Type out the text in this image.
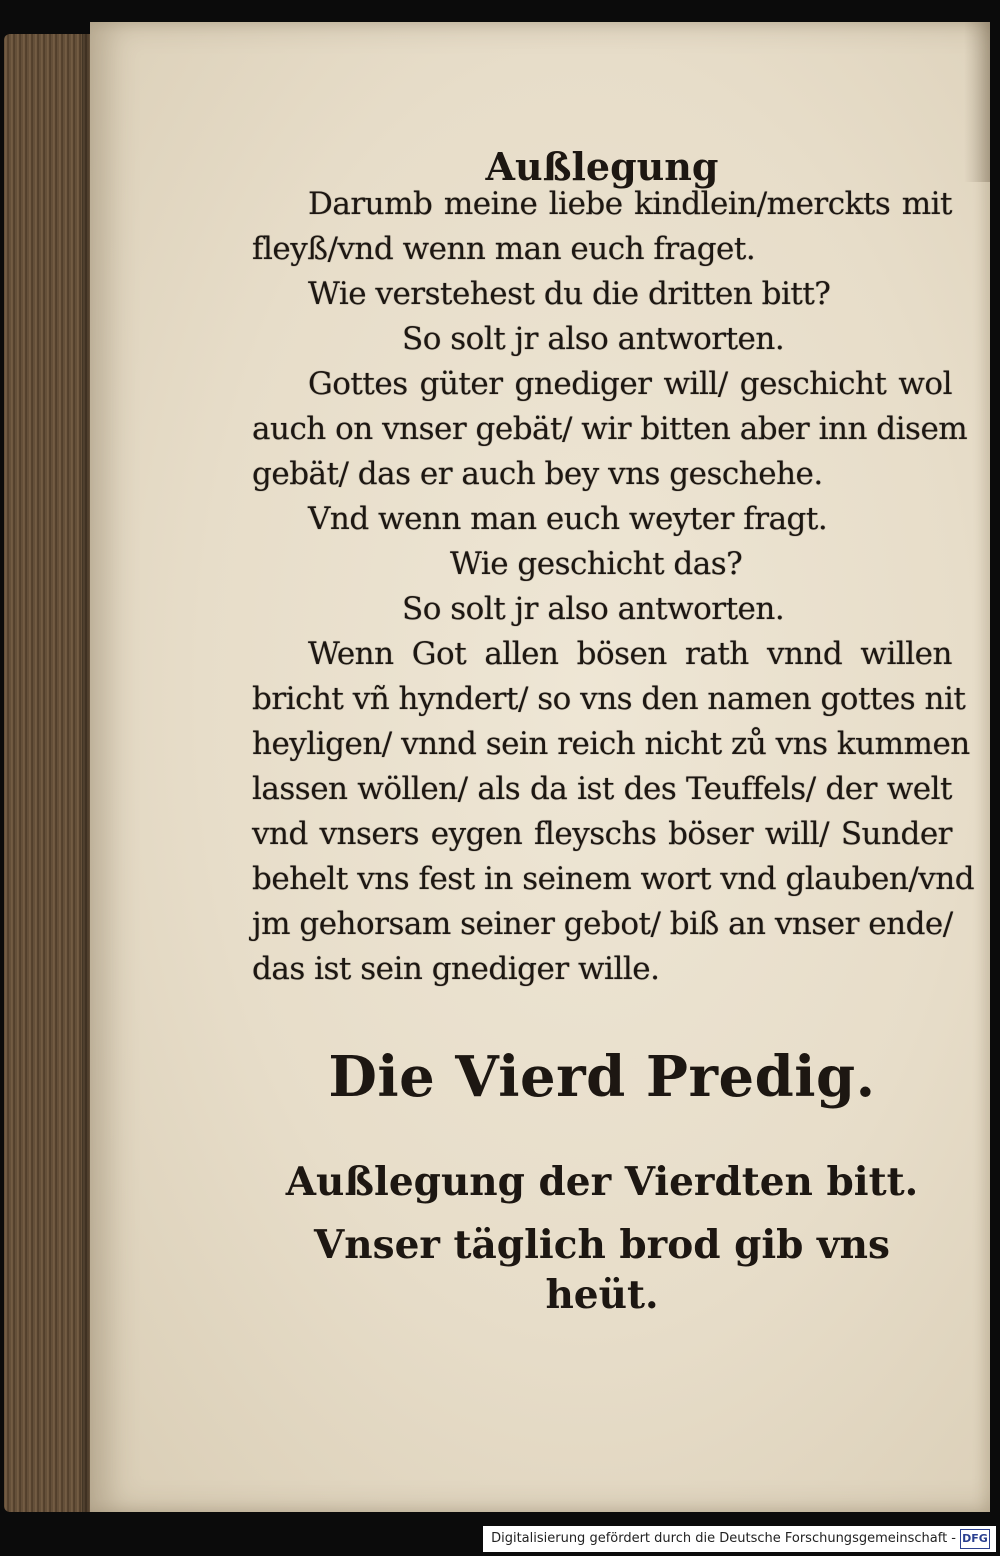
Außlegung
Darumb meine liebe kindlein/merckts mit
fleyß/vnd wenn man euch fraget.
Wie verstehest du die dritten bitt?
So solt jr also antworten.
Gottes güter gnediger will/ geschicht wol
auch on vnser gebät/ wir bitten aber inn disem
gebät/ das er auch bey vns geschehe.
Vnd wenn man euch weyter fragt.
Wie geschicht das?
So solt jr also antworten.
Wenn Got allen bösen rath vnnd willen
bricht vñ hyndert/ so vns den namen gottes nit
heyligen/ vnnd sein reich nicht zů vns kummen
lassen wöllen/ als da ist des Teuffels/ der welt
vnd vnsers eygen fleyschs böser will/ Sunder
behelt vns fest in seinem wort vnd glauben/vnd
jm gehorsam seiner gebot/ biß an vnser ende/
das ist sein gnediger wille.
Die Vierd Predig.
Außlegung der Vierdten bitt.
Vnser täglich brod gib vns heüt.
Digitalisierung gefördert durch die Deutsche Forschungsgemeinschaft - DFG
